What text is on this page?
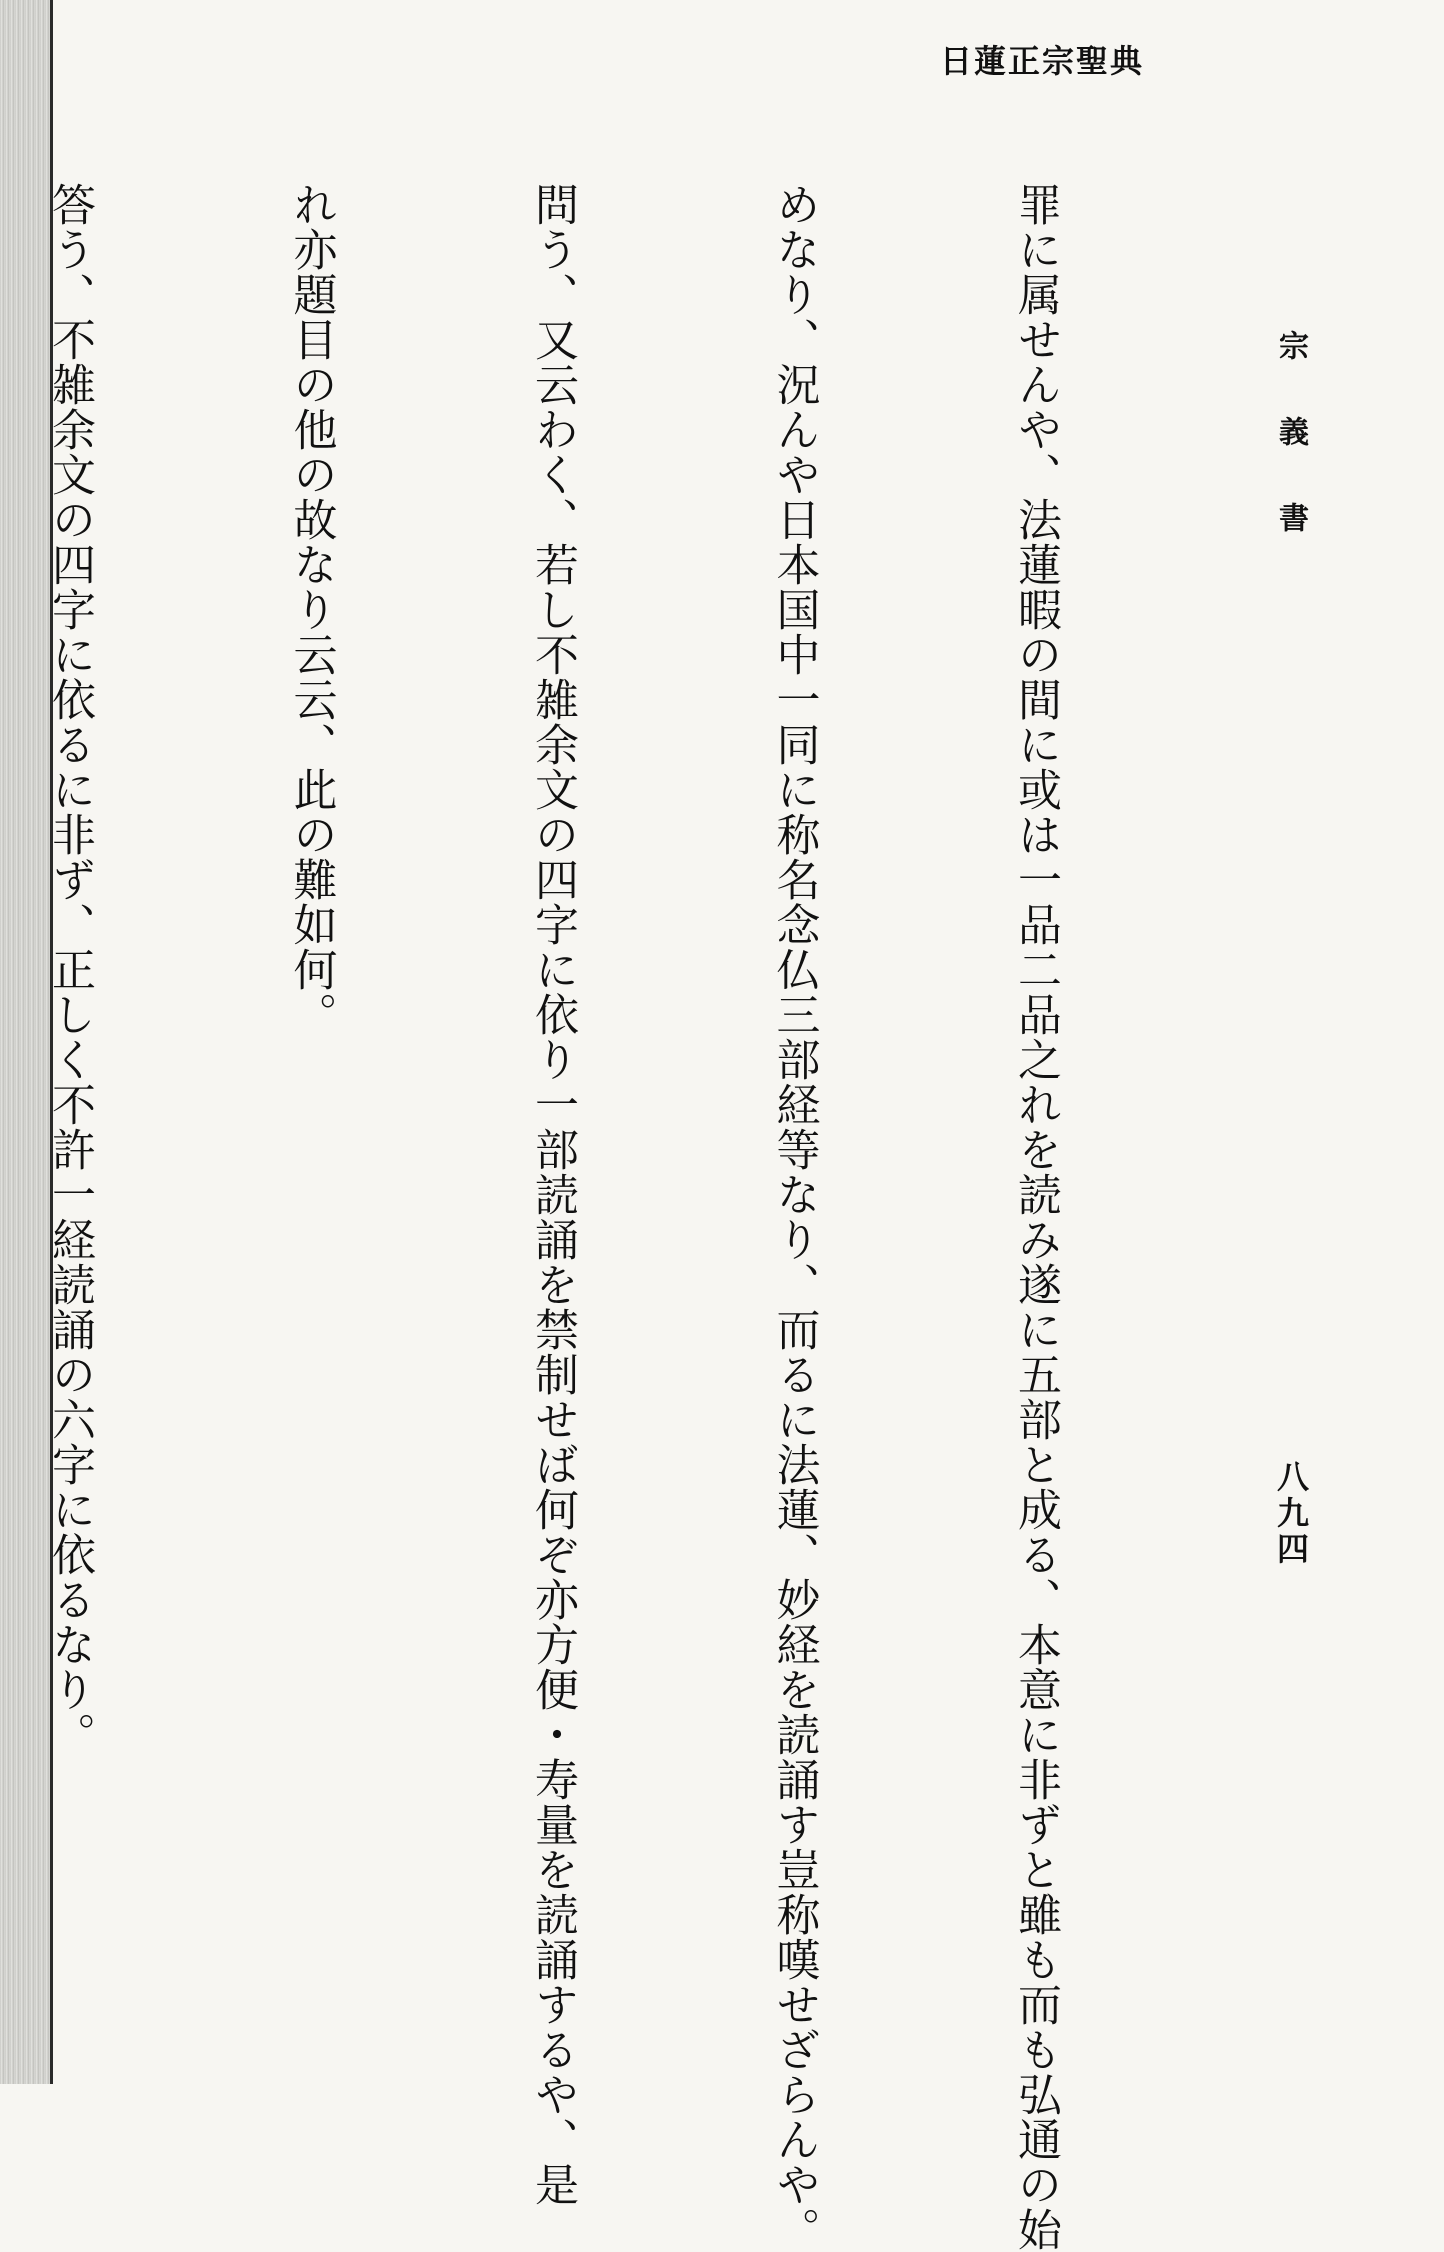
日蓮正宗聖典
宗義書
八九四

罪に属せんや、法蓮暇の間に或は一品二品之れを読み遂に五部と成る、本意に非ずと雖も而も弘通の始

めなり、況んや日本国中一同に称名念仏三部経等なり、而るに法蓮、妙経を読誦す豈称嘆せざらんや。

問う、又云わく、若し不雑余文の四字に依り一部読誦を禁制せば何ぞ亦方便・寿量を読誦するや、是

れ亦題目の他の故なり云云、此の難如何。

答う、不雑余文の四字に依るに非ず、正しく不許一経読誦の六字に依るなり。
